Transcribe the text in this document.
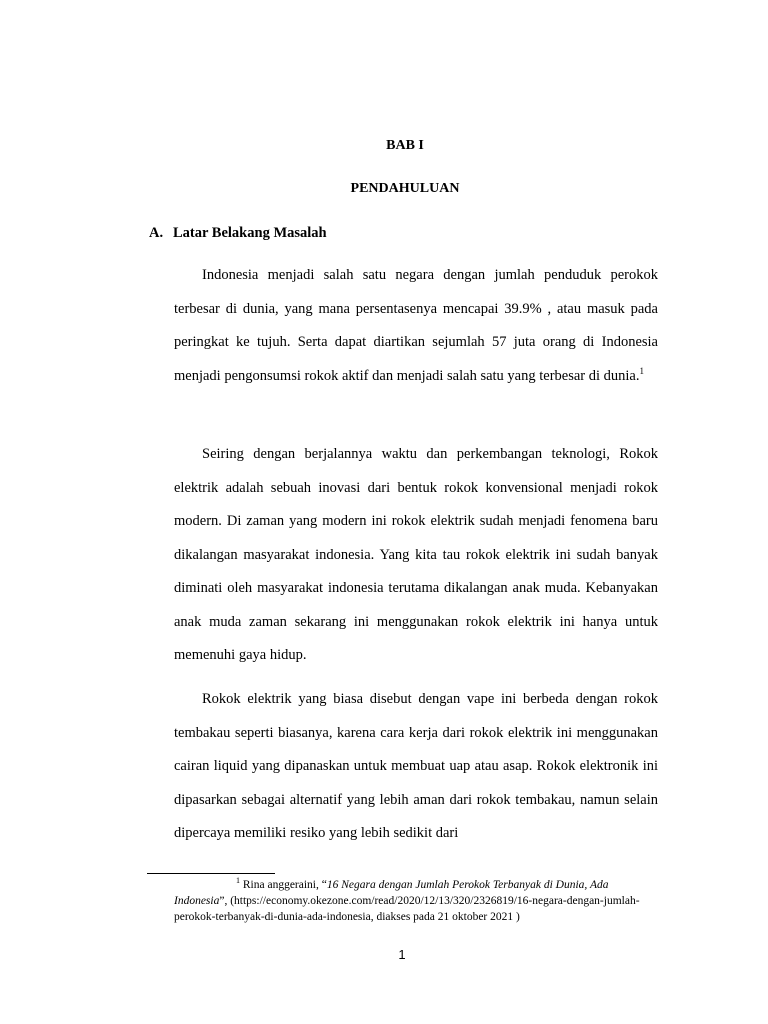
BAB I
PENDAHULUAN
A. Latar Belakang Masalah

Indonesia menjadi salah satu negara dengan jumlah penduduk perokok terbesar di dunia, yang mana persentasenya mencapai 39.9% , atau masuk pada peringkat ke tujuh. Serta dapat diartikan sejumlah 57 juta orang di Indonesia menjadi pengonsumsi rokok aktif dan menjadi salah satu yang terbesar di dunia.$^1$

Seiring dengan berjalannya waktu dan perkembangan teknologi, Rokok elektrik adalah sebuah inovasi dari bentuk rokok konvensional menjadi rokok modern. Di zaman yang modern ini rokok elektrik sudah menjadi fenomena baru dikalangan masyarakat indonesia. Yang kita tau rokok elektrik ini sudah banyak diminati oleh masyarakat indonesia terutama dikalangan anak muda. Kebanyakan anak muda zaman sekarang ini menggunakan rokok elektrik ini hanya untuk memenuhi gaya hidup.

Rokok elektrik yang biasa disebut dengan vape ini berbeda dengan rokok tembakau seperti biasanya, karena cara kerja dari rokok elektrik ini menggunakan cairan liquid yang dipanaskan untuk membuat uap atau asap. Rokok elektronik ini dipasarkan sebagai alternatif yang lebih aman dari rokok tembakau, namun selain dipercaya memiliki resiko yang lebih sedikit dari

$^1$ Rina anggeraini, “16 Negara dengan Jumlah Perokok Terbanyak di Dunia, Ada Indonesia”, (https://economy.okezone.com/read/2020/12/13/320/2326819/16-negara-dengan-jumlah-perokok-terbanyak-di-dunia-ada-indonesia, diakses pada 21 oktober 2021 )

1
